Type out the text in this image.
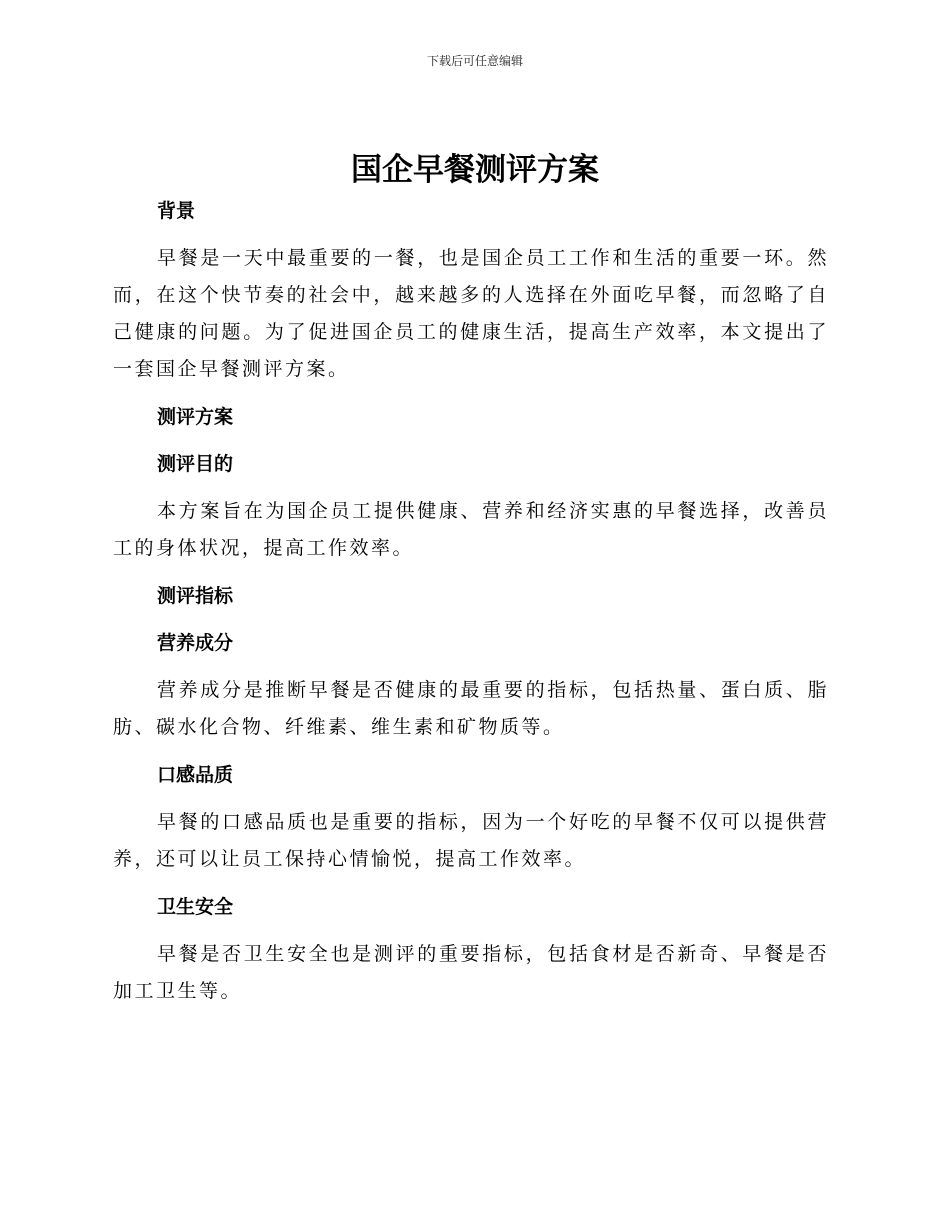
下载后可任意编辑
国企早餐测评方案
背景

早餐是一天中最重要的一餐，也是国企员工工作和生活的重要一环。然而，在这个快节奏的社会中，越来越多的人选择在外面吃早餐，而忽略了自己健康的问题。为了促进国企员工的健康生活，提高生产效率，本文提出了一套国企早餐测评方案。

测评方案
测评目的

本方案旨在为国企员工提供健康、营养和经济实惠的早餐选择，改善员工的身体状况，提高工作效率。

测评指标
营养成分

营养成分是推断早餐是否健康的最重要的指标，包括热量、蛋白质、脂肪、碳水化合物、纤维素、维生素和矿物质等。

口感品质

早餐的口感品质也是重要的指标，因为一个好吃的早餐不仅可以提供营养，还可以让员工保持心情愉悦，提高工作效率。

卫生安全

早餐是否卫生安全也是测评的重要指标，包括食材是否新奇、早餐是否加工卫生等。
